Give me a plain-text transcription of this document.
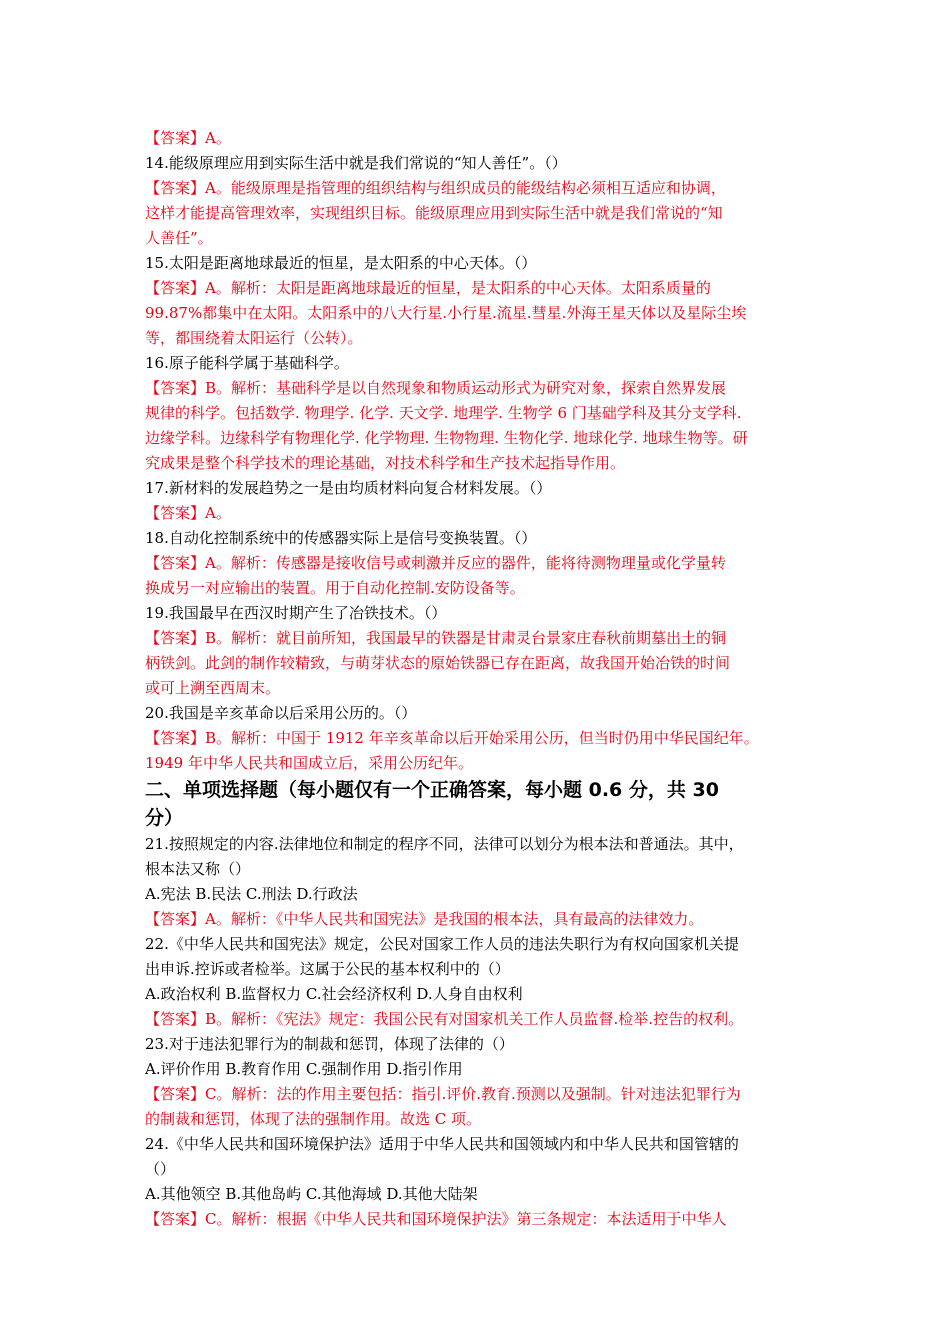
【答案】A。
14.能级原理应用到实际生活中就是我们常说的“知人善任”。（）
【答案】A。能级原理是指管理的组织结构与组织成员的能级结构必须相互适应和协调，
这样才能提高管理效率，实现组织目标。能级原理应用到实际生活中就是我们常说的“知
人善任”。
15.太阳是距离地球最近的恒星，是太阳系的中心天体。（）
【答案】A。解析：太阳是距离地球最近的恒星，是太阳系的中心天体。太阳系质量的
99.87%都集中在太阳。太阳系中的八大行星.小行星.流星.彗星.外海王星天体以及星际尘埃
等，都围绕着太阳运行（公转）。
16.原子能科学属于基础科学。
【答案】B。解析：基础科学是以自然现象和物质运动形式为研究对象，探索自然界发展
规律的科学。包括数学. 物理学. 化学. 天文学. 地理学. 生物学 6 门基础学科及其分支学科.
边缘学科。边缘科学有物理化学. 化学物理. 生物物理. 生物化学. 地球化学. 地球生物等。研
究成果是整个科学技术的理论基础，对技术科学和生产技术起指导作用。
17.新材料的发展趋势之一是由均质材料向复合材料发展。（）
【答案】A。
18.自动化控制系统中的传感器实际上是信号变换装置。（）
【答案】A。解析：传感器是接收信号或刺激并反应的器件，能将待测物理量或化学量转
换成另一对应输出的装置。用于自动化控制.安防设备等。
19.我国最早在西汉时期产生了冶铁技术。（）
【答案】B。解析：就目前所知，我国最早的铁器是甘肃灵台景家庄春秋前期墓出土的铜
柄铁剑。此剑的制作较精致，与萌芽状态的原始铁器已存在距离，故我国开始冶铁的时间
或可上溯至西周末。
20.我国是辛亥革命以后采用公历的。（）
【答案】B。解析：中国于 1912 年辛亥革命以后开始采用公历，但当时仍用中华民国纪年。
1949 年中华人民共和国成立后，采用公历纪年。
二、单项选择题（每小题仅有一个正确答案，每小题 0.6 分，共 30
分）
21.按照规定的内容.法律地位和制定的程序不同，法律可以划分为根本法和普通法。其中，
根本法又称（）
A.宪法 B.民法 C.刑法 D.行政法
【答案】A。解析：《中华人民共和国宪法》是我国的根本法，具有最高的法律效力。
22.《中华人民共和国宪法》规定，公民对国家工作人员的违法失职行为有权向国家机关提
出申诉.控诉或者检举。这属于公民的基本权利中的（）
A.政治权利 B.监督权力 C.社会经济权利 D.人身自由权利
【答案】B。解析：《宪法》规定：我国公民有对国家机关工作人员监督.检举.控告的权利。
23.对于违法犯罪行为的制裁和惩罚，体现了法律的（）
A.评价作用 B.教育作用 C.强制作用 D.指引作用
【答案】C。解析：法的作用主要包括：指引.评价.教育.预测以及强制。针对违法犯罪行为
的制裁和惩罚，体现了法的强制作用。故选 C 项。
24.《中华人民共和国环境保护法》适用于中华人民共和国领域内和中华人民共和国管辖的
（）
A.其他领空 B.其他岛屿 C.其他海域 D.其他大陆架
【答案】C。解析：根据《中华人民共和国环境保护法》第三条规定：本法适用于中华人
